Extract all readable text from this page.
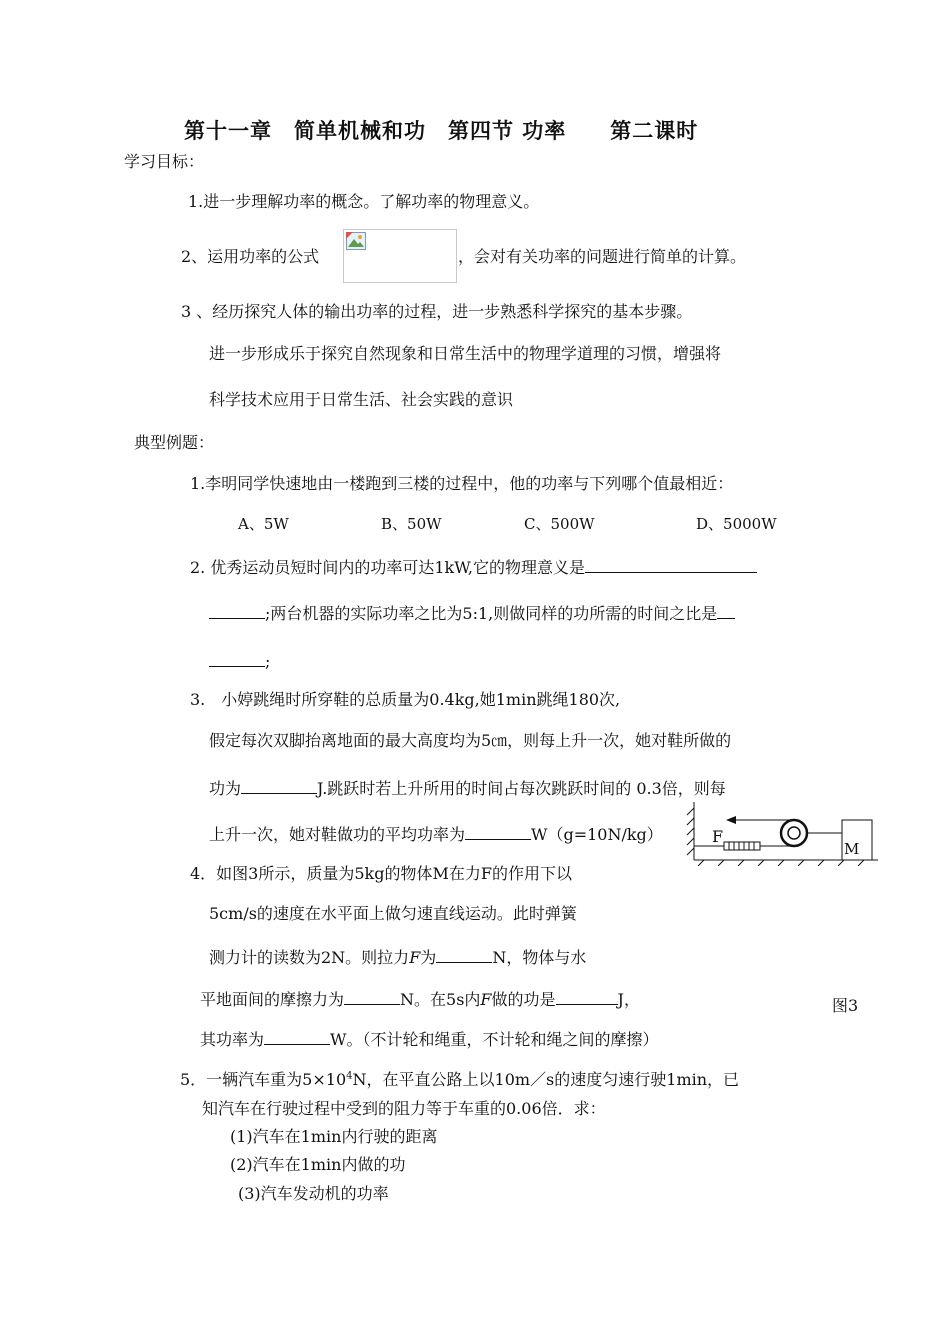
第十一章　简单机械和功　第四节 功率　　第二课时
学习目标：
1.进一步理解功率的概念。了解功率的物理意义。
2、运用功率的公式	，会对有关功率的问题进行简单的计算。
3 、经历探究人体的输出功率的过程，进一步熟悉科学探究的基本步骤。
进一步形成乐于探究自然现象和日常生活中的物理学道理的习惯，增强将
科学技术应用于日常生活、社会实践的意识
典型例题：
1.李明同学快速地由一楼跑到三楼的过程中，他的功率与下列哪个值最相近：
A、5W	B、50W	C、500W	D、5000W
2. 优秀运动员短时间内的功率可达1kW,它的物理意义是
;两台机器的实际功率之比为5:1,则做同样的功所需的时间之比是
;
3.　小婷跳绳时所穿鞋的总质量为0.4kg,她1min跳绳180次,
假定每次双脚抬离地面的最大高度均为5㎝，则每上升一次，她对鞋所做的
功为	J.跳跃时若上升所用的时间占每次跳跃时间的 0.3倍，则每
上升一次，她对鞋做功的平均功率为	W（g=10N/kg）	F
M
4．如图3所示，质量为5kg的物体M在力F的作用下以
5cm/s的速度在水平面上做匀速直线运动。此时弹簧
测力计的读数为2N。则拉力F为	N，物体与水
平地面间的摩擦力为	N。在5s内F做的功是	J，	图3
其功率为	W。（不计轮和绳重，不计轮和绳之间的摩擦）
5．一辆汽车重为$5\times 10^4N$，在平直公路上以10m／s的速度匀速行驶1min，已
知汽车在行驶过程中受到的阻力等于车重的0.06倍．求：
(1)汽车在1min内行驶的距离
(2)汽车在1min内做的功
(3)汽车发动机的功率
